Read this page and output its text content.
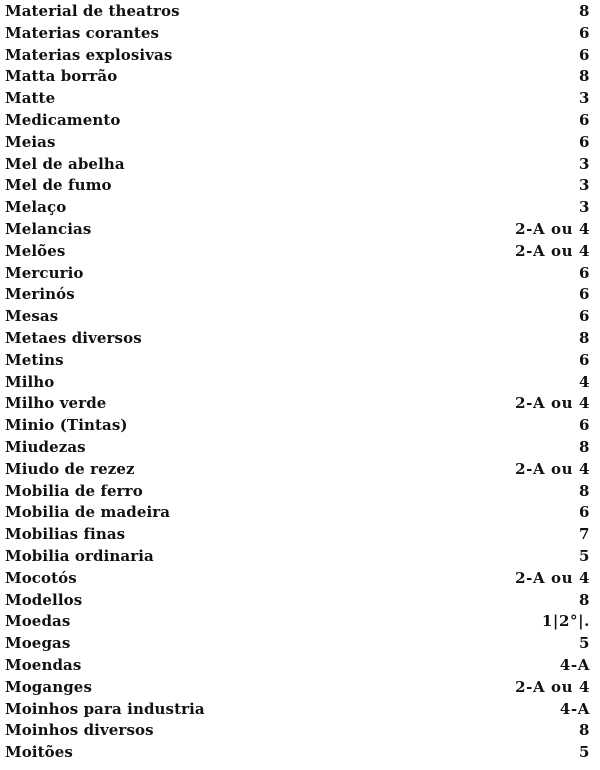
Material de theatros	8
Materias corantes	6
Materias explosivas	6
Matta borrão	8
Matte	3
Medicamento	6
Meias	6
Mel de abelha	3
Mel de fumo	3
Melaço	3
Melancias	2-A ou 4
Melões	2-A ou 4
Mercurio	6
Merinós	6
Mesas	6
Metaes diversos	8
Metins	6
Milho	4
Milho verde	2-A ou 4
Minio (Tintas)	6
Miudezas	8
Miudo de rezez	2-A ou 4
Mobilia de ferro	8
Mobilia de madeira	6
Mobilias finas	7
Mobilia ordinaria	5
Mocotós	2-A ou 4
Modellos	8
Moedas	1|2°|.
Moegas	5
Moendas	4-A
Moganges	2-A ou 4
Moinhos para industria	4-A
Moinhos diversos	8
Moitões	5
